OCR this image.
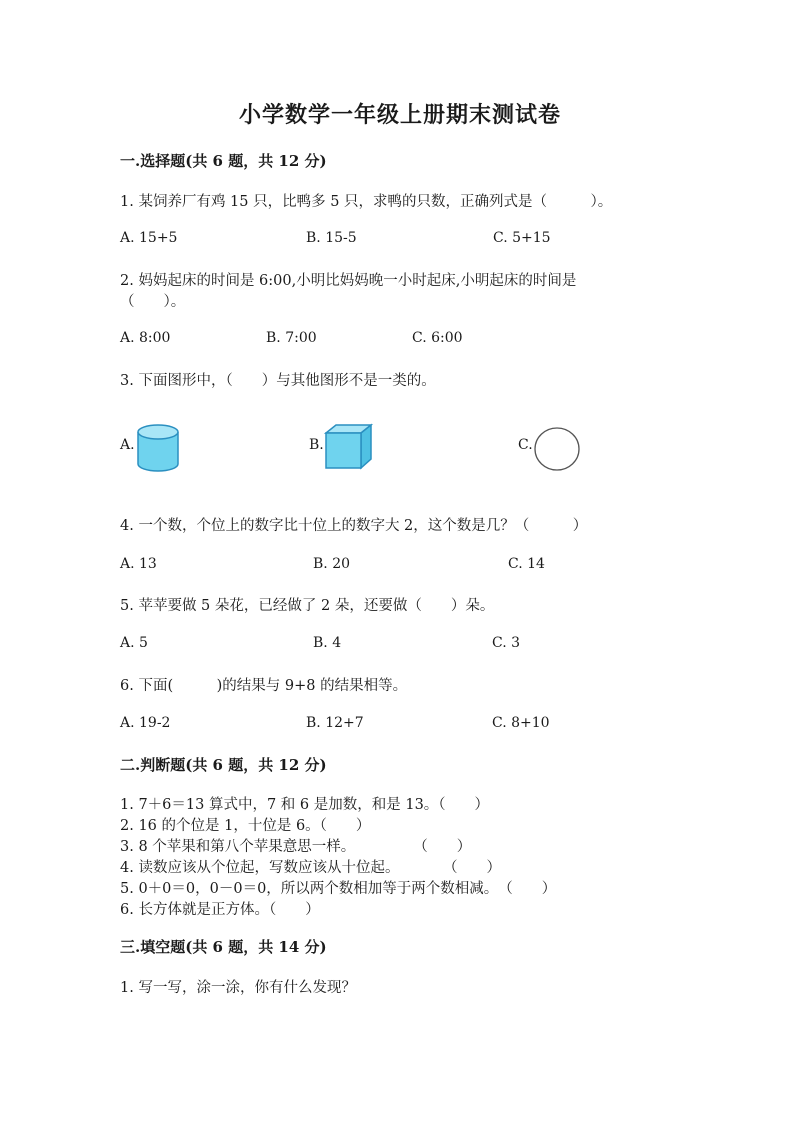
小学数学一年级上册期末测试卷
一.选择题(共 6 题，共 12 分)
1. 某饲养厂有鸡 15 只，比鸭多 5 只，求鸭的只数，正确列式是（　　　）。
A. 15+5	B. 15-5	C. 5+15
2. 妈妈起床的时间是 6:00,小明比妈妈晚一小时起床,小明起床的时间是
（　　）。
A. 8:00	B. 7:00	C. 6:00
3. 下面图形中，（　　）与其他图形不是一类的。
A.	B.	C.
4. 一个数，个位上的数字比十位上的数字大 2，这个数是几？（　　　）
A. 13	B. 20	C. 14
5. 苹苹要做 5 朵花，已经做了 2 朵，还要做（　　）朵。
A. 5	B. 4	C. 3
6. 下面(　　　)的结果与 9+8 的结果相等。
A. 19-2	B. 12+7	C. 8+10
二.判断题(共 6 题，共 12 分)
1. 7＋6＝13 算式中，7 和 6 是加数，和是 13。（　　）
2. 16 的个位是 1，十位是 6。（　　）
3. 8 个苹果和第八个苹果意思一样。　　　　　（　　）
4. 读数应该从个位起，写数应该从十位起。　　　　（　　）
5. 0＋0＝0，0－0＝0，所以两个数相加等于两个数相减。　（　　）
6. 长方体就是正方体。（　　）
三.填空题(共 6 题，共 14 分)
1. 写一写，涂一涂，你有什么发现？
